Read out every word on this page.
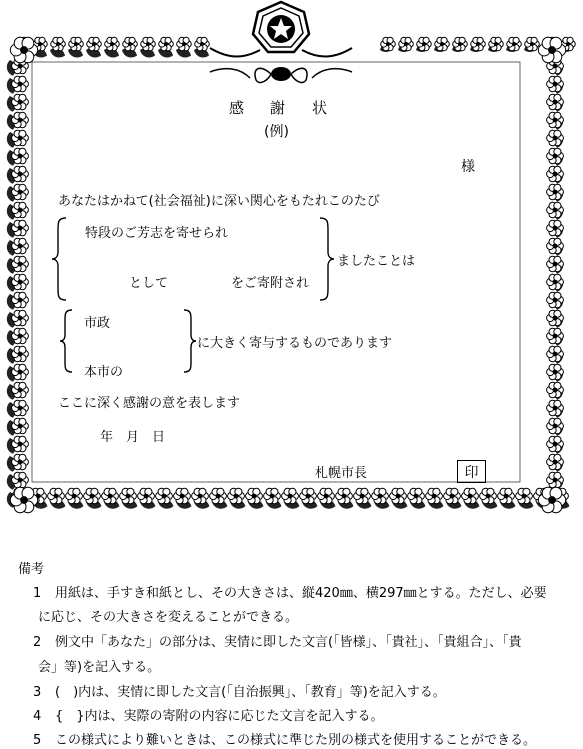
感 謝 状
(例)
様
あなたはかねて(社会福祉)に深い関心をもたれこのたび
特段のご芳志を寄せられ
として	をご寄附され
ましたことは
市政
本市の
に大きく寄与するものであります
ここに深く感謝の意を表します
年　月　日
札幌市長	印
備考
1 用紙は、手すき和紙とし、その大きさは、縦420㎜、横297㎜とする。ただし、必要
に応じ、その大きさを変えることができる。
2 例文中「あなた」の部分は、実情に即した文言(「皆様」、「貴社」、「貴組合」、「貴
会」等)を記入する。
3 (　)内は、実情に即した文言(「自治振興」、「教育」等)を記入する。
4 {　}内は、実際の寄附の内容に応じた文言を記入する。
5 この様式により難いときは、この様式に準じた別の様式を使用することができる。
